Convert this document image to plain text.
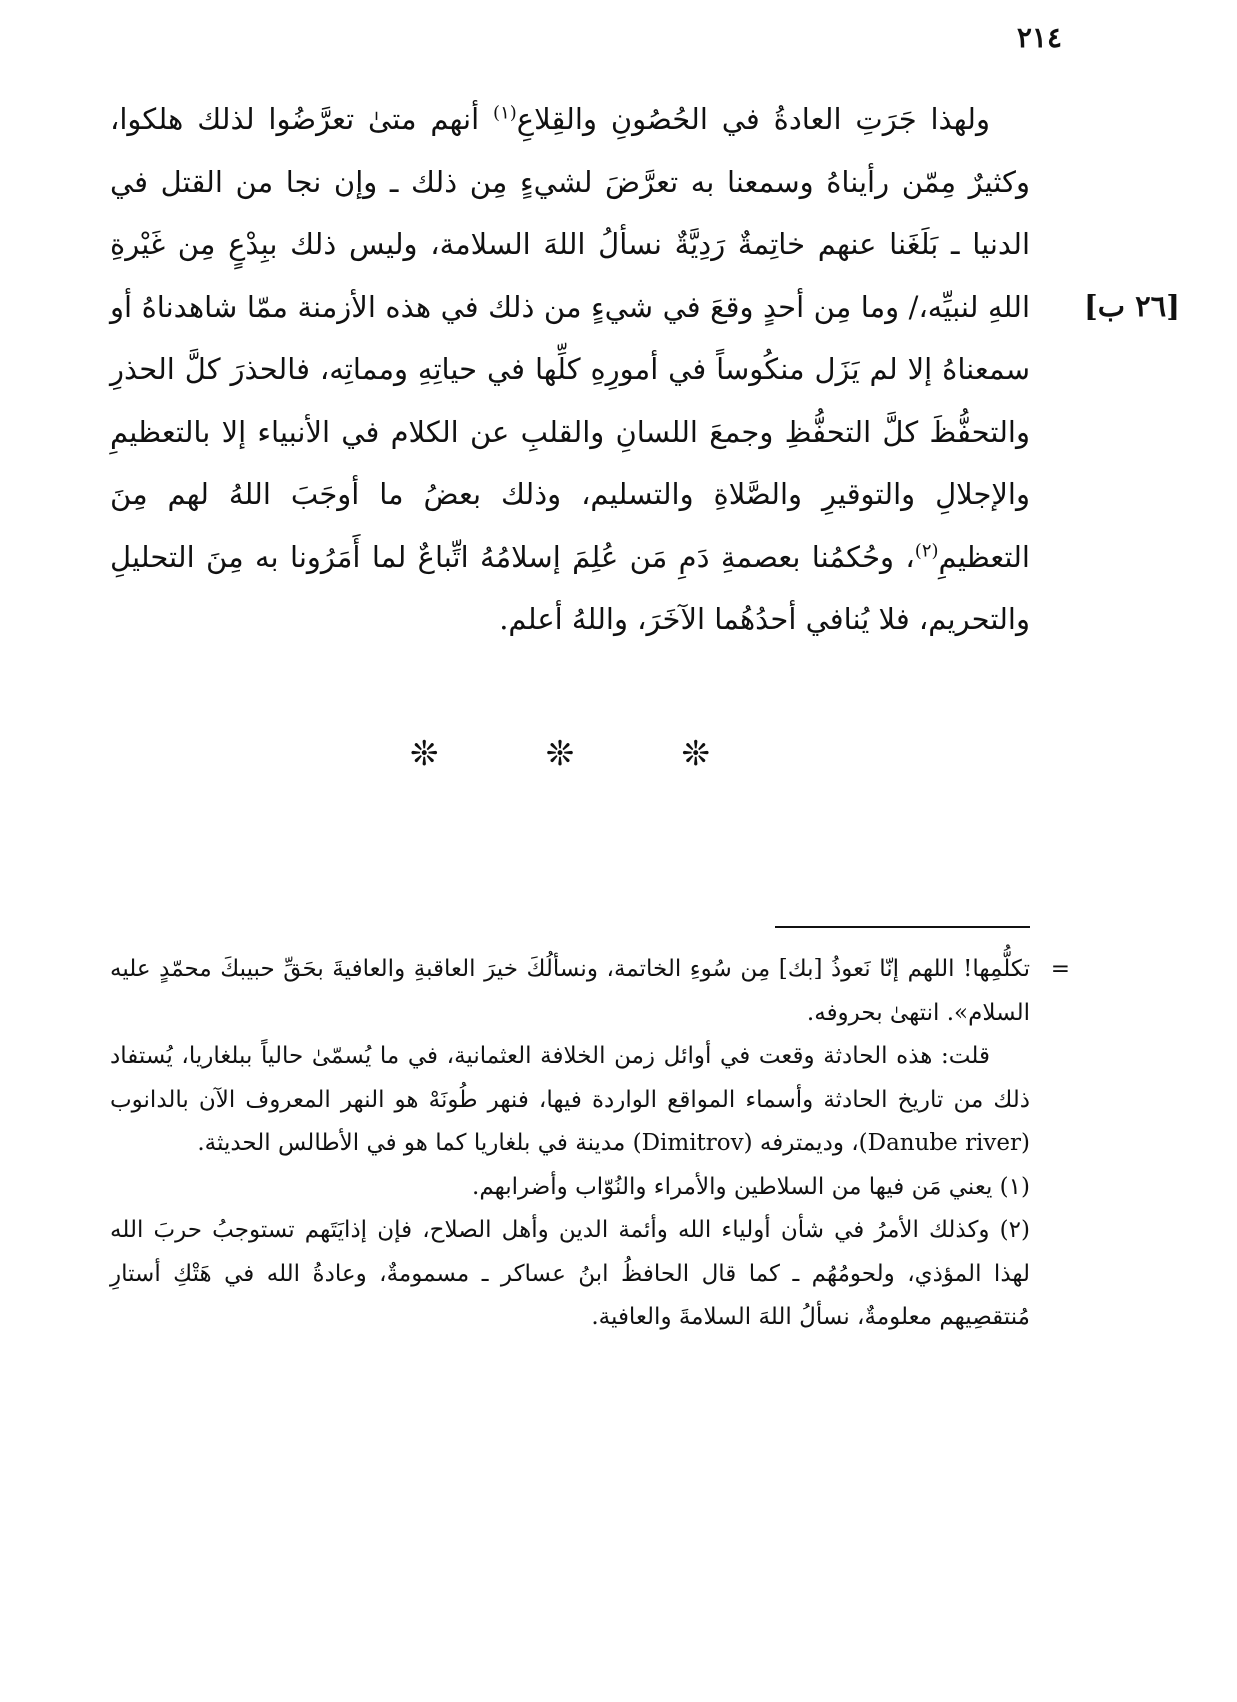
٢١٤
[٢٦ ب]

ولهذا جَرَتِ العادةُ في الحُصُونِ والقِلاعِ$^{(١)}$ أنهم متىٰ تعرَّضُوا لذلك هلكوا، وكثيرٌ مِمّن رأيناهُ وسمعنا به تعرَّضَ لشيءٍ مِن ذلك ـ وإن نجا من القتل في الدنيا ـ بَلَغَنا عنهم خاتِمةٌ رَدِيَّةٌ نسألُ اللهَ السلامة، وليس ذلك ببِدْعٍ مِن غَيْرةِ اللهِ لنبيِّه،/ وما مِن أحدٍ وقعَ في شيءٍ من ذلك في هذه الأزمنة ممّا شاهدناهُ أو سمعناهُ إلا لم يَزَل منكُوساً في أمورِهِ كلِّها في حياتِهِ ومماتِه، فالحذرَ كلَّ الحذرِ والتحفُّظَ كلَّ التحفُّظِ وجمعَ اللسانِ والقلبِ عن الكلام في الأنبياء إلا بالتعظيمِ والإجلالِ والتوقيرِ والصَّلاةِ والتسليم، وذلك بعضُ ما أوجَبَ اللهُ لهم مِنَ التعظيمِ$^{(٢)}$، وحُكمُنا بعصمةِ دَمِ مَن عُلِمَ إسلامُهُ اتِّباعٌ لما أَمَرُونا به مِنَ التحليلِ والتحريم، فلا يُنافي أحدُهُما الآخَرَ، واللهُ أعلم.

❊	❊	❊

=
تكلُّمِها! اللهم إنّا نَعوذُ [بك] مِن سُوءِ الخاتمة، ونسألُكَ خيرَ العاقبةِ والعافيةَ بحَقِّ حبيبكَ محمّدٍ عليه السلام». انتهىٰ بحروفه.

قلت: هذه الحادثة وقعت في أوائل زمن الخلافة العثمانية، في ما يُسمّىٰ حالياً ببلغاريا، يُستفاد ذلك من تاريخ الحادثة وأسماء المواقع الواردة فيها، فنهر طُونَهْ هو النهر المعروف الآن بالدانوب (Danube river)، وديمترفه (Dimitrov) مدينة في بلغاريا كما هو في الأطالس الحديثة.

(١) يعني مَن فيها من السلاطين والأمراء والنُوّاب وأضرابهم.

(٢) وكذلك الأمرُ في شأن أولياء الله وأئمة الدين وأهل الصلاح، فإن إذايَتَهم تستوجبُ حربَ الله لهذا المؤذي، ولحومُهُم ـ كما قال الحافظُ ابنُ عساكر ـ مسمومةٌ، وعادةُ الله في هَتْكِ أستارِ مُنتقصِيهم معلومةٌ، نسألُ اللهَ السلامةَ والعافية.
